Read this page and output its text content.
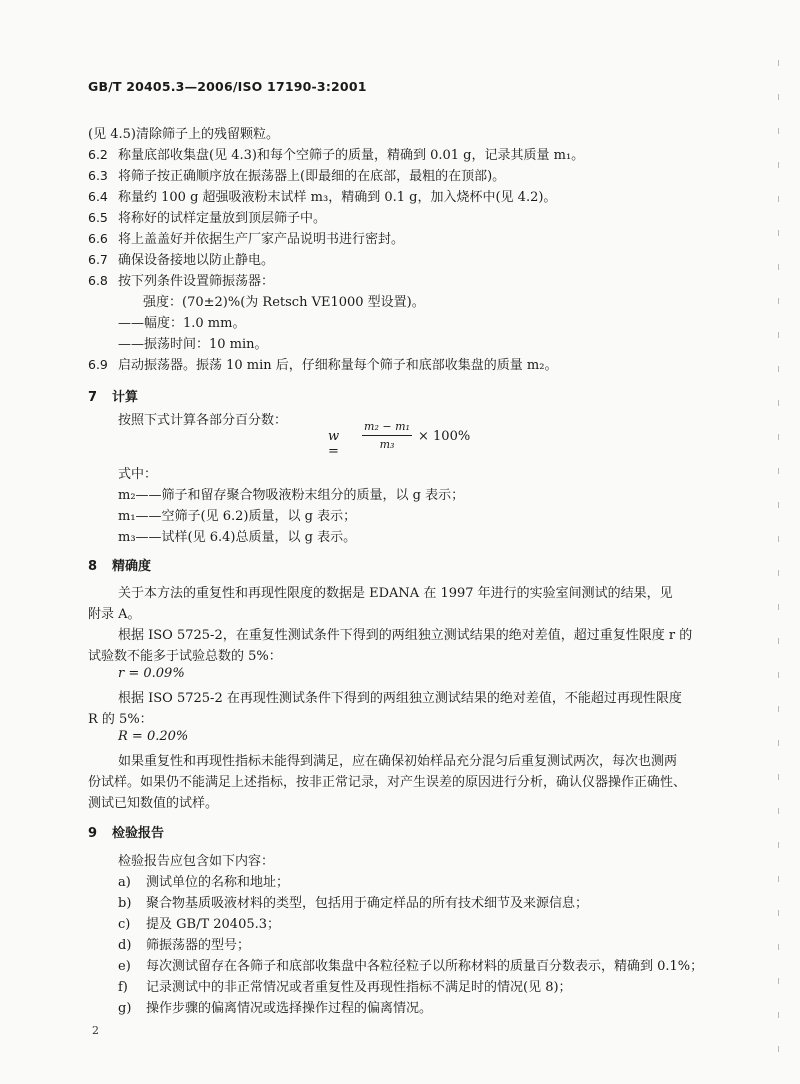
GB/T 20405.3—2006/ISO 17190-3:2001
(见 4.5)清除筛子上的残留颗粒。
6.2 称量底部收集盘(见 4.3)和每个空筛子的质量，精确到 0.01 g，记录其质量 m₁。
6.3 将筛子按正确顺序放在振荡器上(即最细的在底部，最粗的在顶部)。
6.4 称量约 100 g 超强吸液粉末试样 m₃，精确到 0.1 g，加入烧杯中(见 4.2)。
6.5 将称好的试样定量放到顶层筛子中。
6.6 将上盖盖好并依据生产厂家产品说明书进行密封。
6.7 确保设备接地以防止静电。
6.8 按下列条件设置筛振荡器：
强度：(70±2)%(为 Retsch VE1000 型设置)。
——幅度：1.0 mm。
——振荡时间：10 min。
6.9 启动振荡器。振荡 10 min 后，仔细称量每个筛子和底部收集盘的质量 m₂。
7 计算
按照下式计算各部分百分数：
w =
m₂ − m₁
m₃
× 100%
式中：
m₂——筛子和留存聚合物吸液粉末组分的质量，以 g 表示；
m₁——空筛子(见 6.2)质量，以 g 表示；
m₃——试样(见 6.4)总质量，以 g 表示。
8 精确度
关于本方法的重复性和再现性限度的数据是 EDANA 在 1997 年进行的实验室间测试的结果，见
附录 A。
根据 ISO 5725-2，在重复性测试条件下得到的两组独立测试结果的绝对差值，超过重复性限度 r 的
试验数不能多于试验总数的 5%：
r = 0.09%
根据 ISO 5725-2 在再现性测试条件下得到的两组独立测试结果的绝对差值，不能超过再现性限度
R 的 5%：
R = 0.20%
如果重复性和再现性指标未能得到满足，应在确保初始样品充分混匀后重复测试两次，每次也测两
份试样。如果仍不能满足上述指标，按非正常记录，对产生误差的原因进行分析，确认仪器操作正确性、
测试已知数值的试样。
9 检验报告
检验报告应包含如下内容：
a) 测试单位的名称和地址；
b) 聚合物基质吸液材料的类型，包括用于确定样品的所有技术细节及来源信息；
c) 提及 GB/T 20405.3；
d) 筛振荡器的型号；
e) 每次测试留存在各筛子和底部收集盘中各粒径粒子以所称材料的质量百分数表示，精确到 0.1%；
f) 记录测试中的非正常情况或者重复性及再现性指标不满足时的情况(见 8)；
g) 操作步骤的偏离情况或选择操作过程的偏离情况。
2
